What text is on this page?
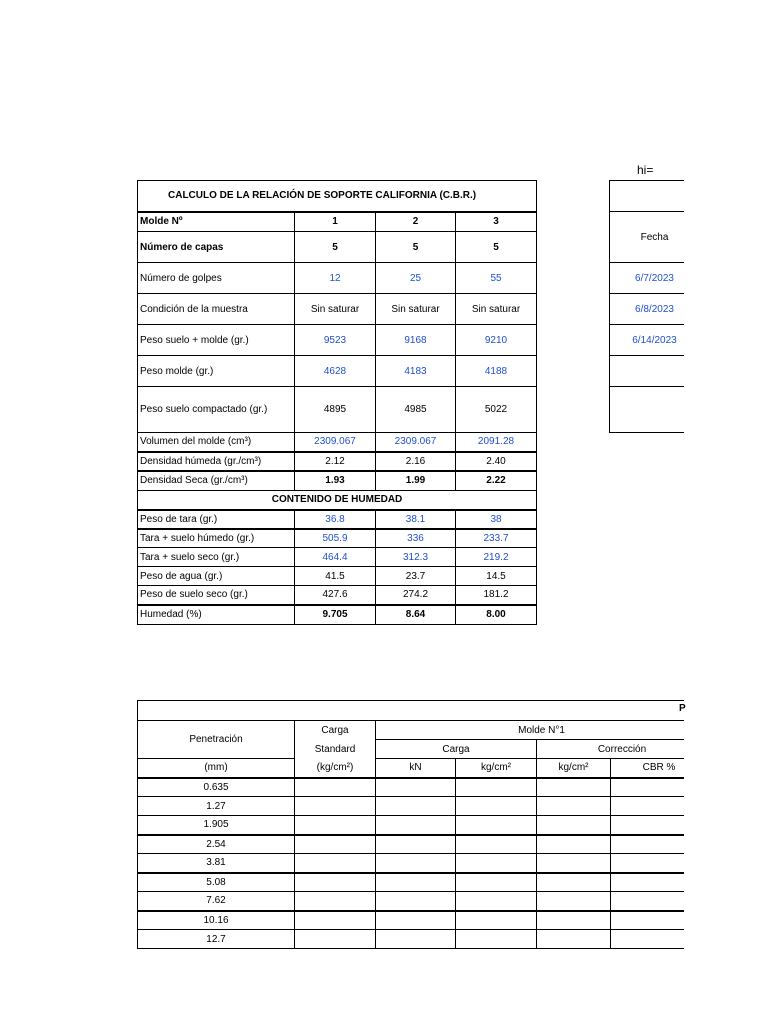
hi=
CALCULO DE LA RELACIÓN DE SOPORTE CALIFORNIA (C.B.R.)			
Molde Nº	1	2	3
Número de capas	5	5	5
Número de golpes	12	25	55
Condición de la muestra	Sin saturar	Sin saturar	Sin saturar
Peso suelo + molde (gr.)	9523	9168	9210
Peso molde (gr.)	4628	4183	4188
Peso suelo compactado (gr.)	4895	4985	5022
Volumen del molde (cm³)	2309.067	2309.067	2091.28
Densidad húmeda (gr./cm³)	2.12	2.16	2.40
Densidad Seca (gr./cm³)	1.93	1.99	2.22
CONTENIDO DE HUMEDAD			
Peso de tara (gr.)	36.8	38.1	38
Tara + suelo húmedo (gr.)	505.9	336	233.7
Tara + suelo seco (gr.)	464.4	312.3	219.2
Peso de agua (gr.)	41.5	23.7	14.5
Peso de suelo seco (gr.)	427.6	274.2	181.2
Humedad (%)	9.705	8.64	8.00

Fecha
6/7/2023
6/8/2023
6/14/2023

Penetración	Carga	Molde N°1			
	Standard	Carga		Corrección	
(mm)	(kg/cm²)	kN	kg/cm²	kg/cm²	CBR %
0.635					
1.27					
1.905					
2.54					
3.81					
5.08					
7.62					
10.16					
12.7					
P
